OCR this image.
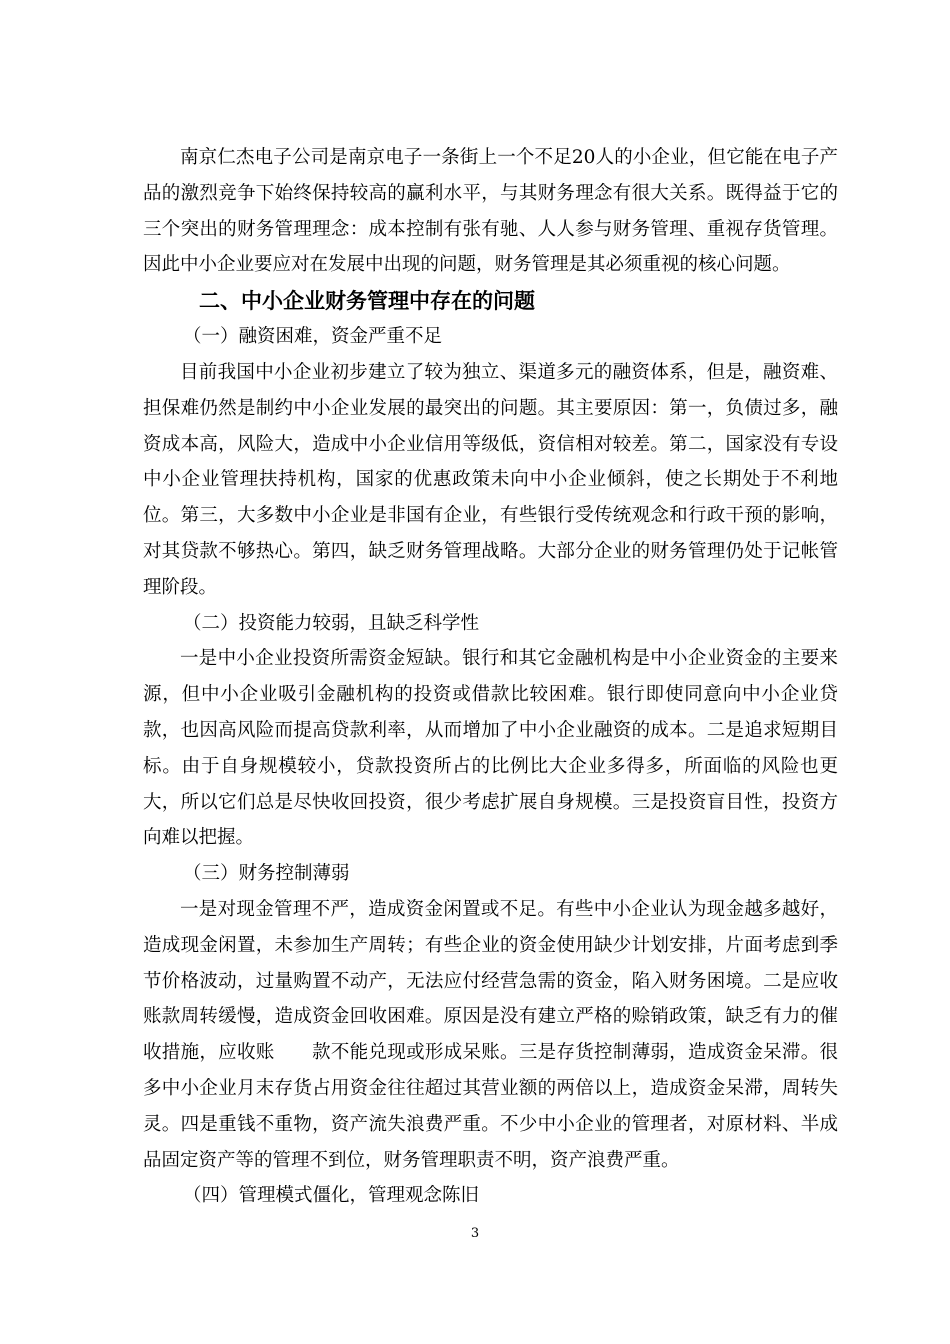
南京仁杰电子公司是南京电子一条街上一个不足20人的小企业，但它能在电子产品的激烈竞争下始终保持较高的赢利水平，与其财务理念有很大关系。既得益于它的三个突出的财务管理理念：成本控制有张有驰、人人参与财务管理、重视存货管理。因此中小企业要应对在发展中出现的问题，财务管理是其必须重视的核心问题。

二、中小企业财务管理中存在的问题

（一）融资困难，资金严重不足

目前我国中小企业初步建立了较为独立、渠道多元的融资体系，但是，融资难、担保难仍然是制约中小企业发展的最突出的问题。其主要原因：第一，负债过多，融资成本高，风险大，造成中小企业信用等级低，资信相对较差。第二，国家没有专设中小企业管理扶持机构，国家的优惠政策未向中小企业倾斜，使之长期处于不利地位。第三，大多数中小企业是非国有企业，有些银行受传统观念和行政干预的影响，对其贷款不够热心。第四，缺乏财务管理战略。大部分企业的财务管理仍处于记帐管理阶段。

（二）投资能力较弱，且缺乏科学性

一是中小企业投资所需资金短缺。银行和其它金融机构是中小企业资金的主要来源，但中小企业吸引金融机构的投资或借款比较困难。银行即使同意向中小企业贷款，也因高风险而提高贷款利率，从而增加了中小企业融资的成本。二是追求短期目标。由于自身规模较小，贷款投资所占的比例比大企业多得多，所面临的风险也更大，所以它们总是尽快收回投资，很少考虑扩展自身规模。三是投资盲目性，投资方向难以把握。

（三）财务控制薄弱

一是对现金管理不严，造成资金闲置或不足。有些中小企业认为现金越多越好，造成现金闲置，未参加生产周转；有些企业的资金使用缺少计划安排，片面考虑到季节价格波动，过量购置不动产，无法应付经营急需的资金，陷入财务困境。二是应收账款周转缓慢，造成资金回收困难。原因是没有建立严格的赊销政策，缺乏有力的催收措施，应收账　　款不能兑现或形成呆账。三是存货控制薄弱，造成资金呆滞。很多中小企业月末存货占用资金往往超过其营业额的两倍以上，造成资金呆滞，周转失灵。四是重钱不重物，资产流失浪费严重。不少中小企业的管理者，对原材料、半成品固定资产等的管理不到位，财务管理职责不明，资产浪费严重。

（四）管理模式僵化，管理观念陈旧

3
